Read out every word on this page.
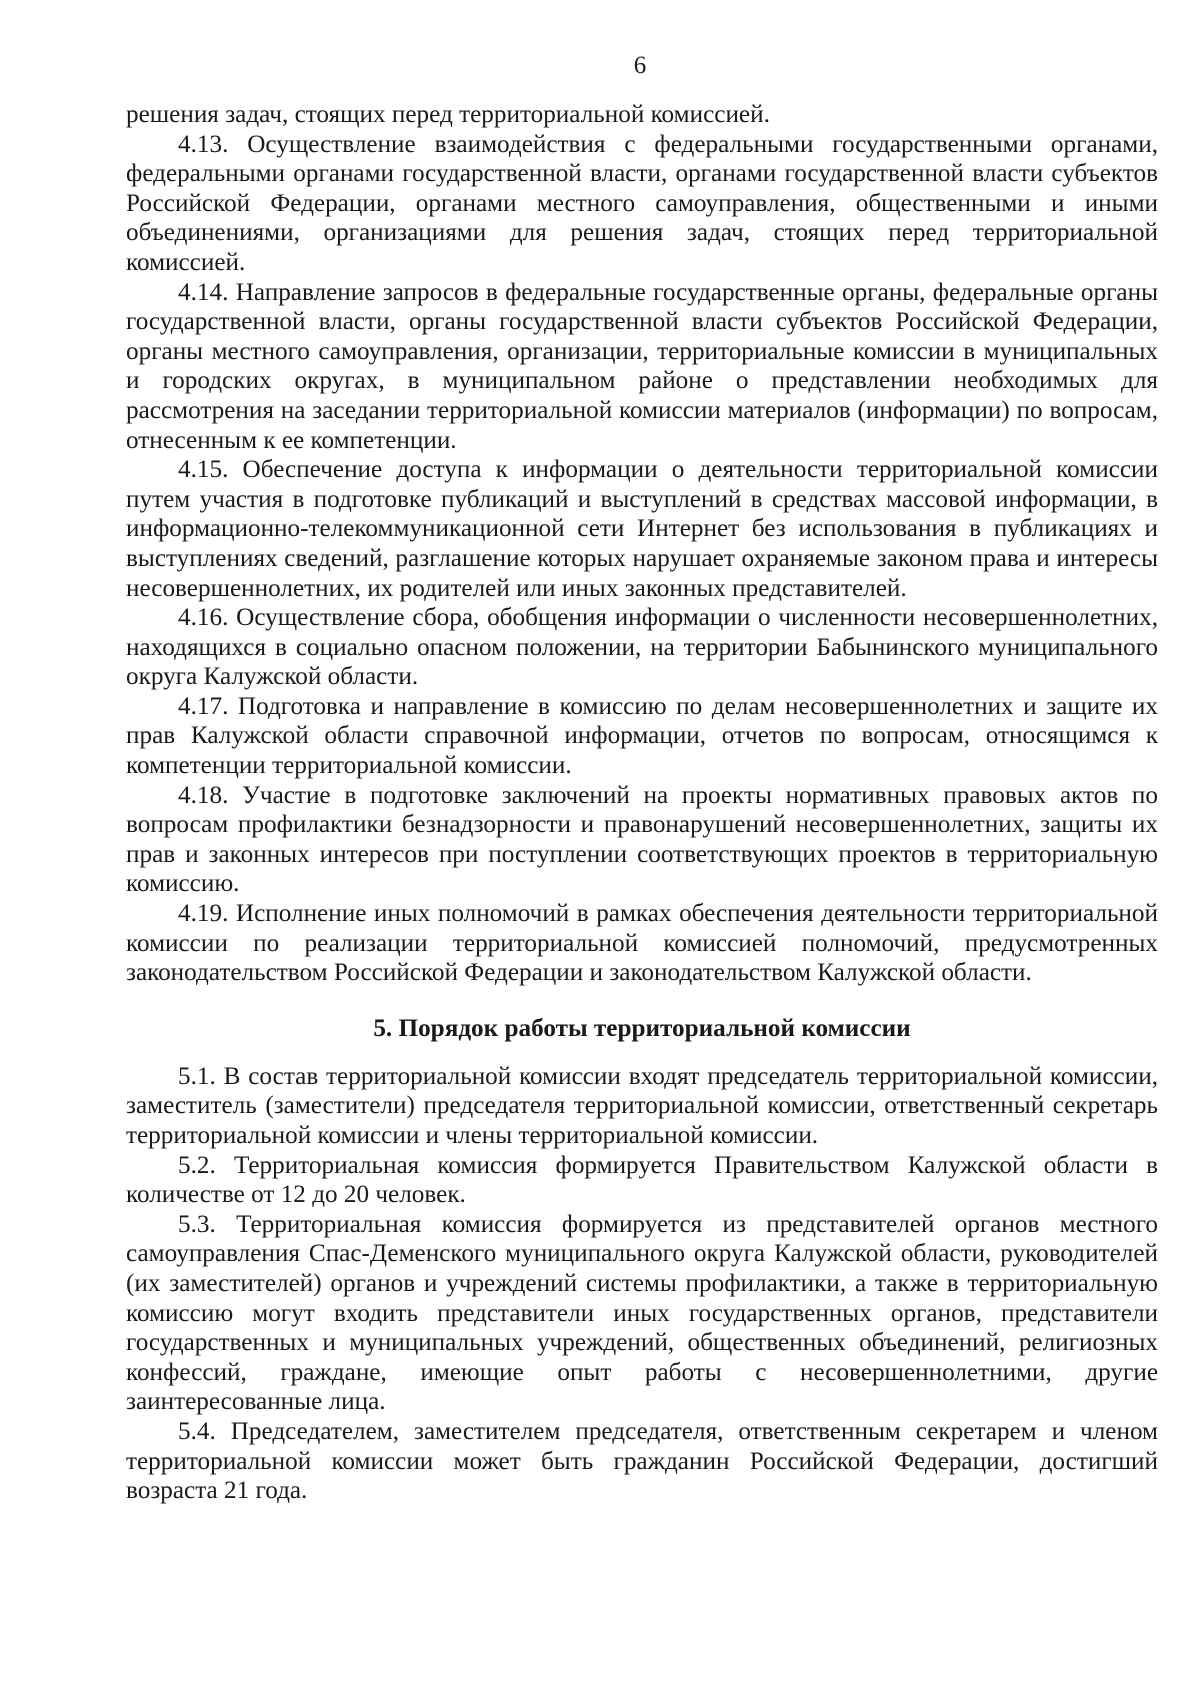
6

решения задач, стоящих перед территориальной комиссией.

4.13. Осуществление взаимодействия с федеральными государственными органами, федеральными органами государственной власти, органами государственной власти субъектов Российской Федерации, органами местного самоуправления, общественными и иными объединениями, организациями для решения задач, стоящих перед территориальной комиссией.

4.14. Направление запросов в федеральные государственные органы, федеральные органы государственной власти, органы государственной власти субъектов Российской Федерации, органы местного самоуправления, организации, территориальные комиссии в муниципальных и городских округах, в муниципальном районе о представлении необходимых для рассмотрения на заседании территориальной комиссии материалов (информации) по вопросам, отнесенным к ее компетенции.

4.15. Обеспечение доступа к информации о деятельности территориальной комиссии путем участия в подготовке публикаций и выступлений в средствах массовой информации, в информационно-телекоммуникационной сети Интернет без использования в публикациях и выступлениях сведений, разглашение которых нарушает охраняемые законом права и интересы несовершеннолетних, их родителей или иных законных представителей.

4.16. Осуществление сбора, обобщения информации о численности несовершеннолетних, находящихся в социально опасном положении, на территории Бабынинского муниципального округа Калужской области.

4.17. Подготовка и направление в комиссию по делам несовершеннолетних и защите их прав Калужской области справочной информации, отчетов по вопросам, относящимся к компетенции территориальной комиссии.

4.18. Участие в подготовке заключений на проекты нормативных правовых актов по вопросам профилактики безнадзорности и правонарушений несовершеннолетних, защиты их прав и законных интересов при поступлении соответствующих проектов в территориальную комиссию.

4.19. Исполнение иных полномочий в рамках обеспечения деятельности территориальной комиссии по реализации территориальной комиссией полномочий, предусмотренных законодательством Российской Федерации и законодательством Калужской области.

5. Порядок работы территориальной комиссии

5.1. В состав территориальной комиссии входят председатель территориальной комиссии, заместитель (заместители) председателя территориальной комиссии, ответственный секретарь территориальной комиссии и члены территориальной комиссии.

5.2. Территориальная комиссия формируется Правительством Калужской области в количестве от 12 до 20 человек.

5.3. Территориальная комиссия формируется из представителей органов местного самоуправления Спас-Деменского муниципального округа Калужской области, руководителей (их заместителей) органов и учреждений системы профилактики, а также в территориальную комиссию могут входить представители иных государственных органов, представители государственных и муниципальных учреждений, общественных объединений, религиозных конфессий, граждане, имеющие опыт работы с несовершеннолетними, другие заинтересованные лица.

5.4. Председателем, заместителем председателя, ответственным секретарем и членом территориальной комиссии может быть гражданин Российской Федерации, достигший возраста 21 года.
